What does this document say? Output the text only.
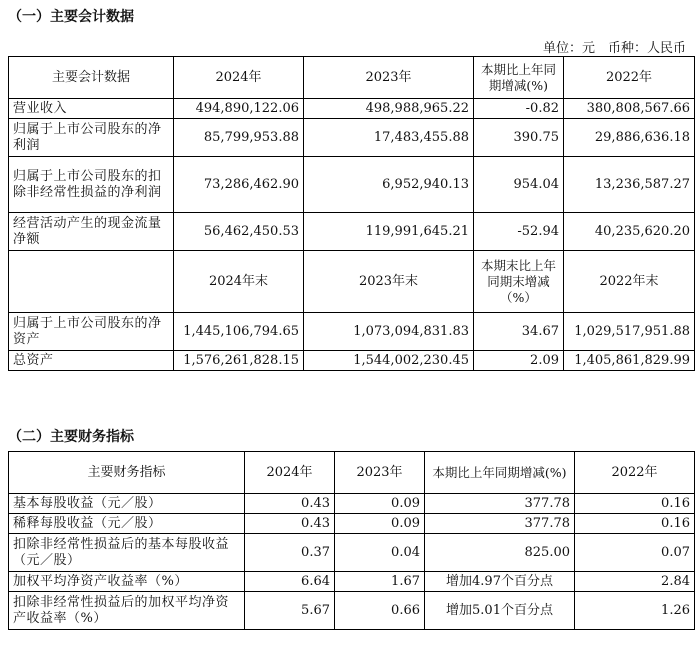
（一）主要会计数据
单位：元　币种：人民币
主要会计数据	2024年	2023年	本期比上年同期增减(%)	2022年
营业收入	494,890,122.06	498,988,965.22	-0.82	380,808,567.66
归属于上市公司股东的净利润	85,799,953.88	17,483,455.88	390.75	29,886,636.18
归属于上市公司股东的扣除非经常性损益的净利润	73,286,462.90	6,952,940.13	954.04	13,236,587.27
经营活动产生的现金流量净额	56,462,450.53	119,991,645.21	-52.94	40,235,620.20
	2024年末	2023年末	本期末比上年同期末增减（%）	2022年末
归属于上市公司股东的净资产	1,445,106,794.65	1,073,094,831.83	34.67	1,029,517,951.88
总资产	1,576,261,828.15	1,544,002,230.45	2.09	1,405,861,829.99
（二）主要财务指标
主要财务指标	2024年	2023年	本期比上年同期增减(%)	2022年
基本每股收益（元／股）	0.43	0.09	377.78	0.16
稀释每股收益（元／股）	0.43	0.09	377.78	0.16
扣除非经常性损益后的基本每股收益（元／股）	0.37	0.04	825.00	0.07
加权平均净资产收益率（%）	6.64	1.67	增加4.97个百分点	2.84
扣除非经常性损益后的加权平均净资产收益率（%）	5.67	0.66	增加5.01个百分点	1.26
